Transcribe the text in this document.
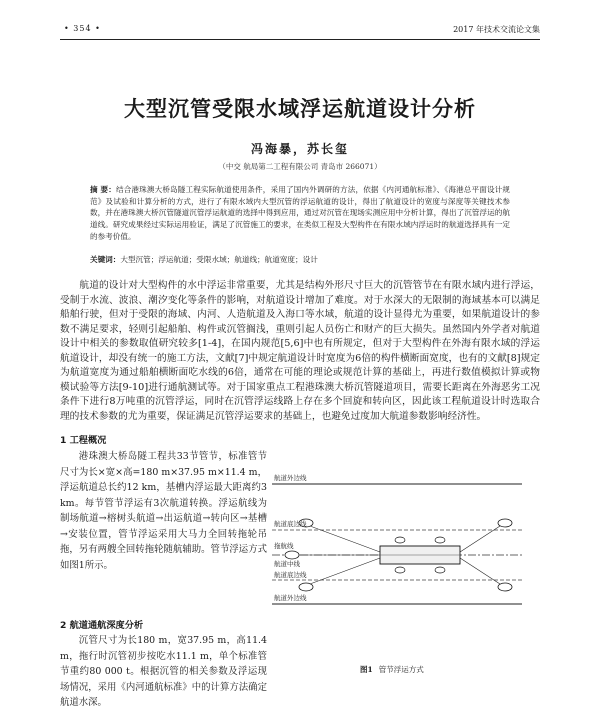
• 354 •	2017 年技术交流论文集
大型沉管受限水域浮运航道设计分析
冯海暴，苏长玺
（中交 航局第二工程有限公司 青岛市 266071）
摘 要：结合港珠澳大桥岛隧工程实际航道使用条件，采用了国内外调研的方法，依据《内河通航标准》、《海港总平面设计规范》及试验和计算分析的方式，进行了有限水域内大型沉管的浮运航道的设计，得出了航道设计的宽度与深度等关键技术参数，并在港珠澳大桥沉管隧道沉管浮运航道的选择中得到应用，通过对沉管在现场实测应用中分析计算，得出了沉管浮运的航道线。研究成果经过实际运用验证，满足了沉管施工的要求，在类似工程及大型构件在有限水域内浮运时的航道选择具有一定的参考价值。
关键词：大型沉管；浮运航道；受限水域；航道线；航道宽度；设计
航道的设计对大型构件的水中浮运非常重要，尤其是结构外形尺寸巨大的沉管管节在有限水域内进行浮运，受制于水流、波浪、潮汐变化等条件的影响，对航道设计增加了难度。对于水深大的无限制的海域基本可以满足船舶行驶，但对于受限的海域、内河、人造航道及入海口等水域，航道的设计显得尤为重要，如果航道设计的参数不满足要求，轻则引起船舶、构件或沉管搁浅，重则引起人员伤亡和财产的巨大损失。虽然国内外学者对航道设计中相关的参数取值研究较多[1-4]，在国内规范[5,6]中也有所规定，但对于大型构件在外海有限水域的浮运航道设计，却没有统一的施工方法，文献[7]中规定航道设计时宽度为6倍的构件横断面宽度，也有的文献[8]规定为航道宽度为通过船舶横断面吃水线的6倍，通常在可能的理论或规范计算的基础上，再进行数值模拟计算或物模试验等方法[9-10]进行通航测试等。对于国家重点工程港珠澳大桥沉管隧道项目，需要长距离在外海恶劣工况条件下进行8万吨重的沉管浮运，同时在沉管浮运线路上存在多个回旋和转向区，因此该工程航道设计时选取合理的技术参数的尤为重要，保证满足沉管浮运要求的基础上，也避免过度加大航道参数影响经济性。
1 工程概况
港珠澳大桥岛隧工程共33节管节，标准管节尺寸为长×宽×高=180 m×37.95 m×11.4 m，浮运航道总长约12 km，基槽内浮运最大距离约3 km。每节管节浮运有3次航道转换。浮运航线为制场航道→榕树头航道→出运航道→转向区→基槽→安装位置，管节浮运采用大马力全回转拖轮吊拖，另有两艘全回转拖轮随航辅助。管节浮运方式如图1所示。
2 航道通航深度分析
沉管尺寸为长180 m，宽37.95 m，高11.4 m，拖行时沉管初步按吃水11.1 m，单个标准管节重约80 000 t。根据沉管的相关参数及浮运现场情况，采用《内河通航标准》中的计算方法确定航道水深。
航道外边线
航道底边线
拖航线
航道中线
航道底边线
航道外边线
图1 管节浮运方式
